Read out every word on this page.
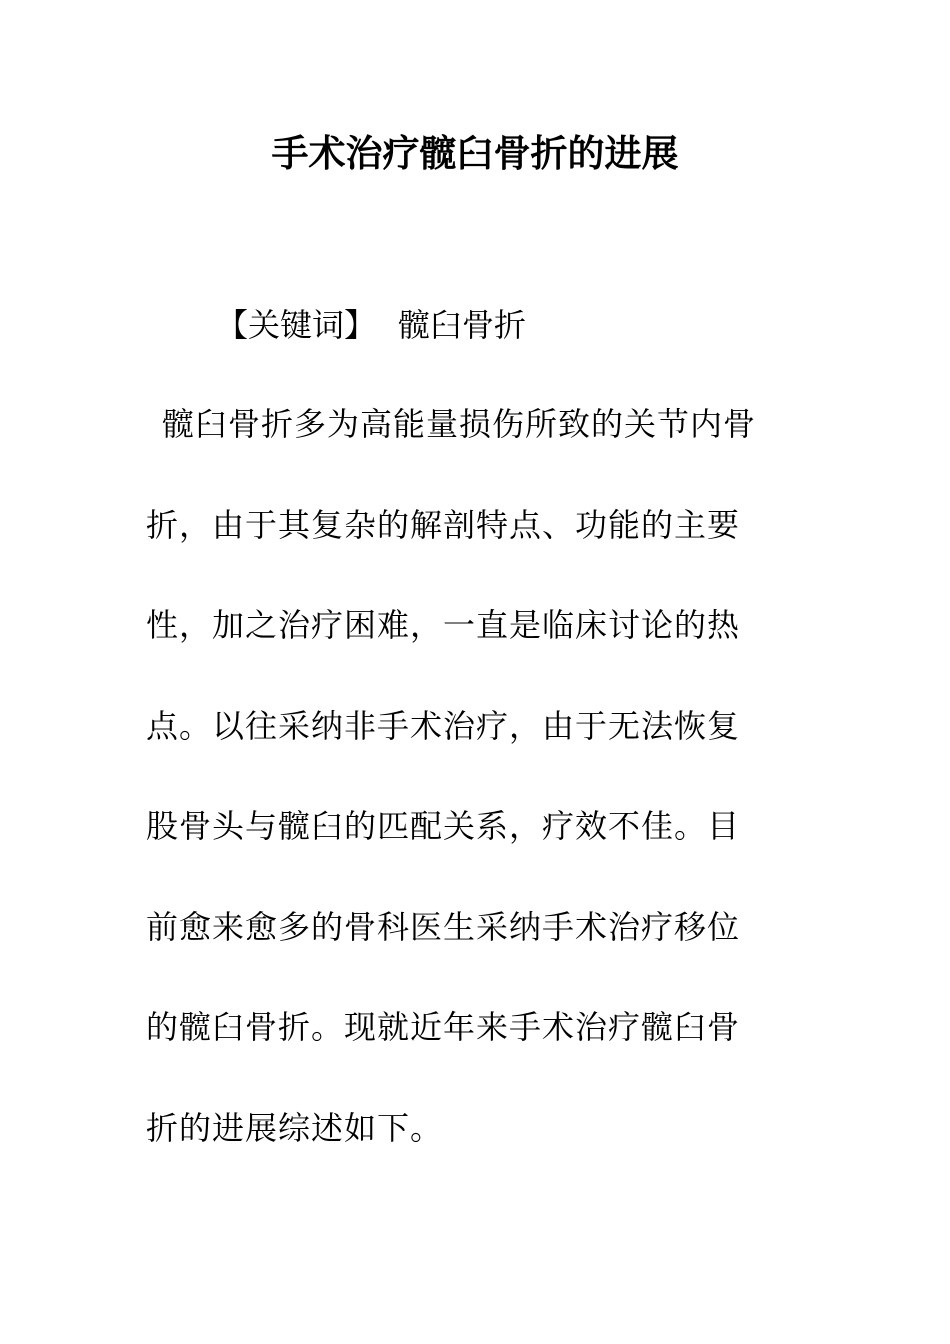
手术治疗髋臼骨折的进展
【关键词】 髋臼骨折
髋臼骨折多为高能量损伤所致的关节内骨
折，由于其复杂的解剖特点、功能的主要
性，加之治疗困难，一直是临床讨论的热
点。以往采纳非手术治疗，由于无法恢复
股骨头与髋臼的匹配关系，疗效不佳。目
前愈来愈多的骨科医生采纳手术治疗移位
的髋臼骨折。现就近年来手术治疗髋臼骨
折的进展综述如下。
